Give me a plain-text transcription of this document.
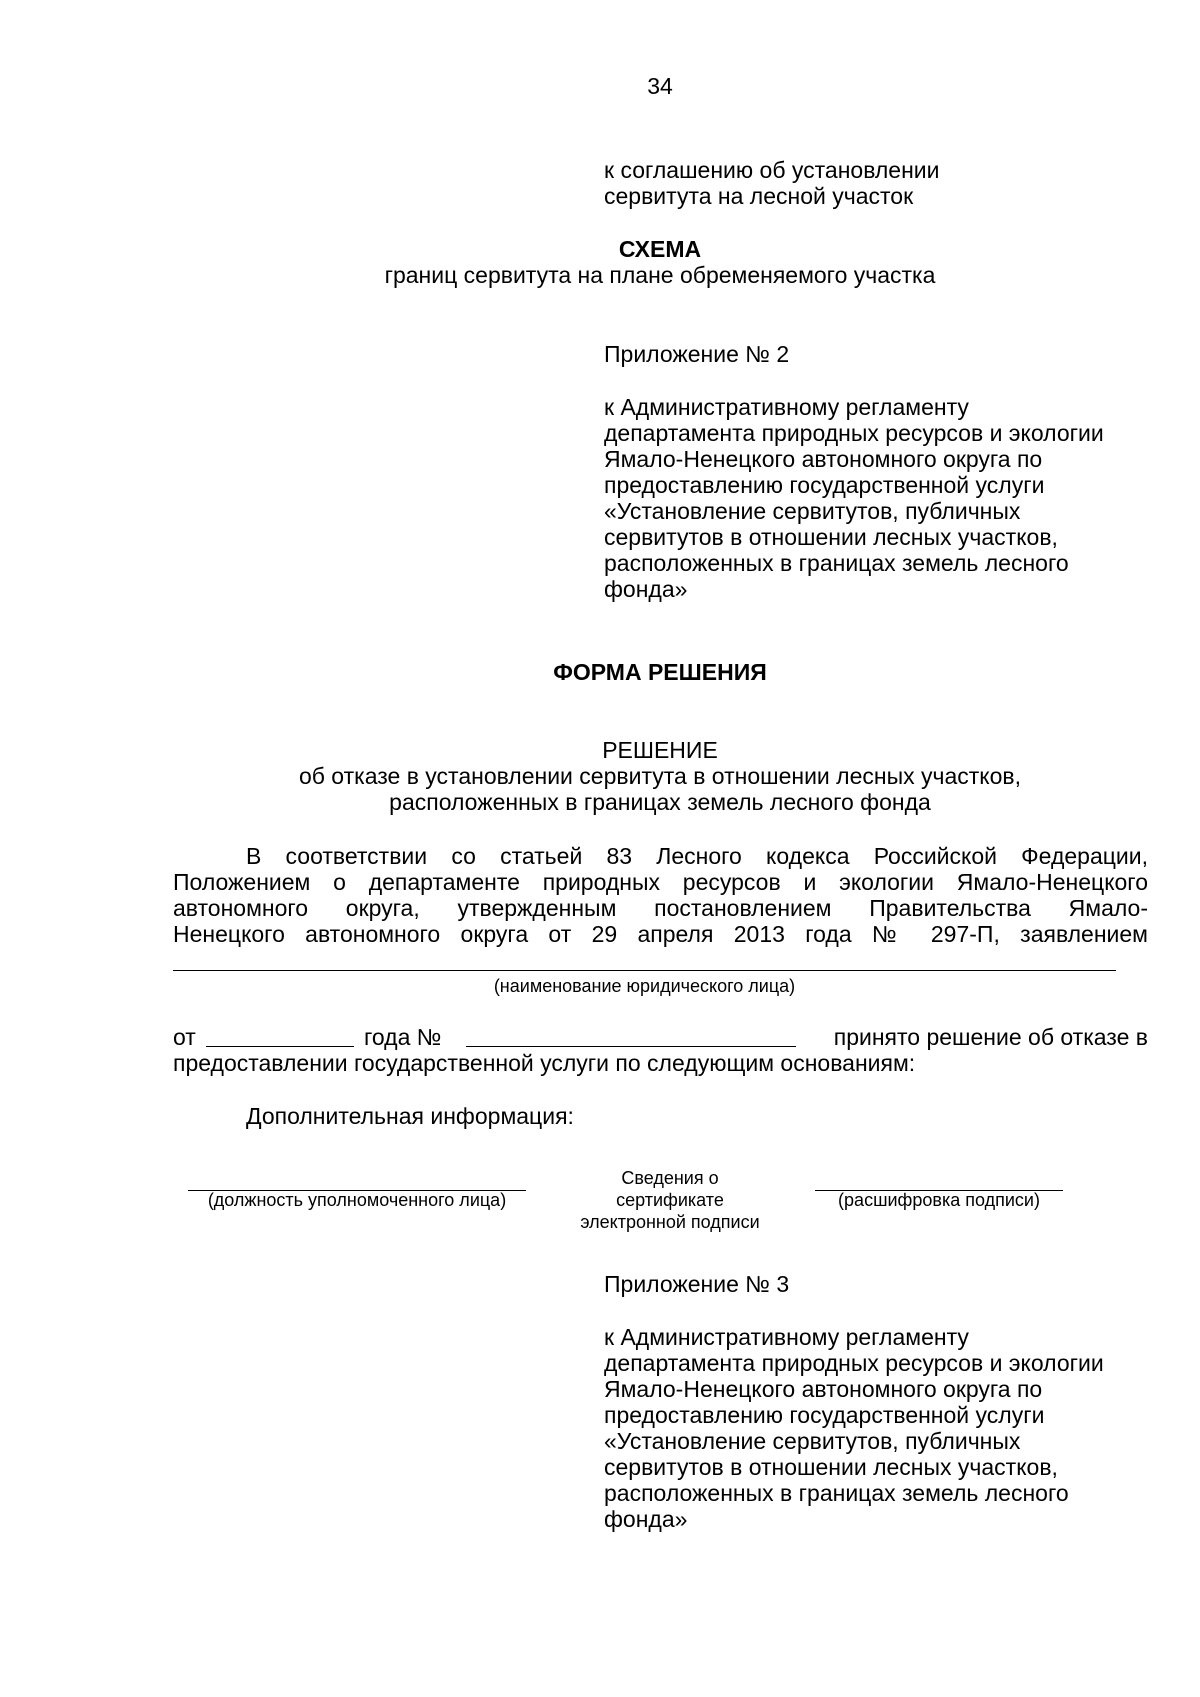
34
к соглашению об установлении
сервитута на лесной участок
СХЕМА
границ сервитута на плане обременяемого участка
Приложение № 2
к Административному регламенту
департамента природных ресурсов и экологии
Ямало-Ненецкого автономного округа по
предоставлению государственной услуги
«Установление сервитутов, публичных
сервитутов в отношении лесных участков,
расположенных в границах земель лесного
фонда»
ФОРМА РЕШЕНИЯ
РЕШЕНИЕ
об отказе в установлении сервитута в отношении лесных участков,
расположенных в границах земель лесного фонда
В соответствии со статьей 83 Лесного кодекса Российской Федерации,
Положением о департаменте природных ресурсов и экологии Ямало-Ненецкого
автономного округа, утвержденным постановлением Правительства Ямало-
Ненецкого автономного округа от 29 апреля 2013 года № 297-П, заявлением
(наименование юридического лица)
от	года №	принято решение об отказе в
предоставлении государственной услуги по следующим основаниям:
Дополнительная информация:
(должность уполномоченного лица)
Сведения о
сертификате
электронной подписи
(расшифровка подписи)
Приложение № 3
к Административному регламенту
департамента природных ресурсов и экологии
Ямало-Ненецкого автономного округа по
предоставлению государственной услуги
«Установление сервитутов, публичных
сервитутов в отношении лесных участков,
расположенных в границах земель лесного
фонда»
